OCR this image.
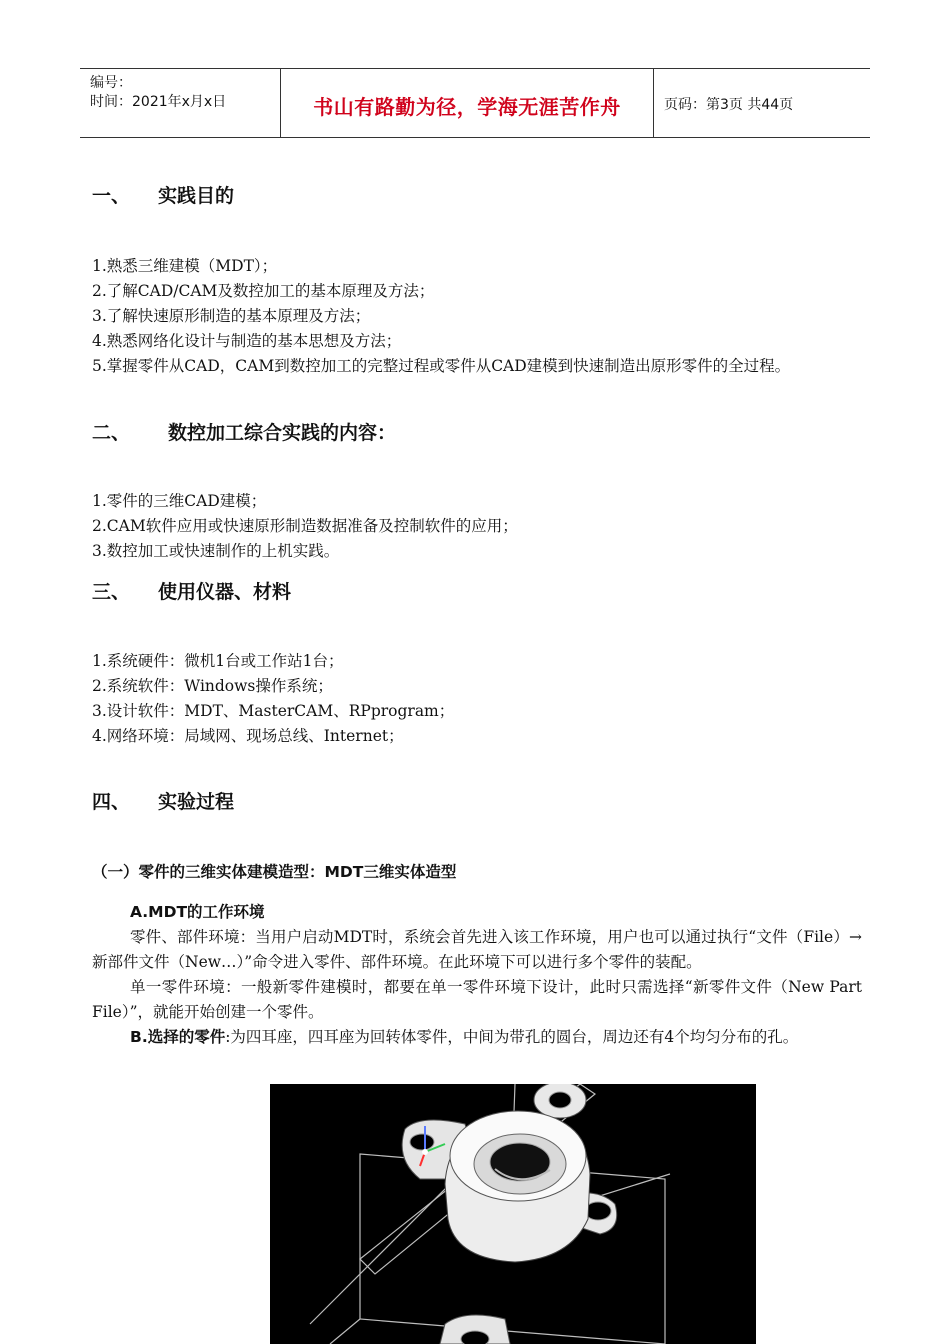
编号：
时间：2021年x月x日	书山有路勤为径，学海无涯苦作舟	页码：第3页 共44页
一、 实践目的
1.熟悉三维建模（MDT）；
2.了解CAD/CAM及数控加工的基本原理及方法；
3.了解快速原形制造的基本原理及方法；
4.熟悉网络化设计与制造的基本思想及方法；
5.掌握零件从CAD，CAM到数控加工的完整过程或零件从CAD建模到快速制造出原形零件的全过程。
二、 数控加工综合实践的内容：
1.零件的三维CAD建模；
2.CAM软件应用或快速原形制造数据准备及控制软件的应用；
3.数控加工或快速制作的上机实践。
三、 使用仪器、材料
1.系统硬件：微机1台或工作站1台；
2.系统软件：Windows操作系统；
3.设计软件：MDT、MasterCAM、RPprogram；
4.网络环境：局域网、现场总线、Internet；
四、 实验过程
（一）零件的三维实体建模造型：MDT三维实体造型

A.MDT的工作环境

零件、部件环境：当用户启动MDT时，系统会首先进入该工作环境，用户也可以通过执行“文件（File）→新部件文件（New…）”命令进入零件、部件环境。在此环境下可以进行多个零件的装配。

单一零件环境：一般新零件建模时，都要在单一零件环境下设计，此时只需选择“新零件文件（New Part File）”，就能开始创建一个零件。

B.选择的零件:为四耳座，四耳座为回转体零件，中间为带孔的圆台，周边还有4个均匀分布的孔。
